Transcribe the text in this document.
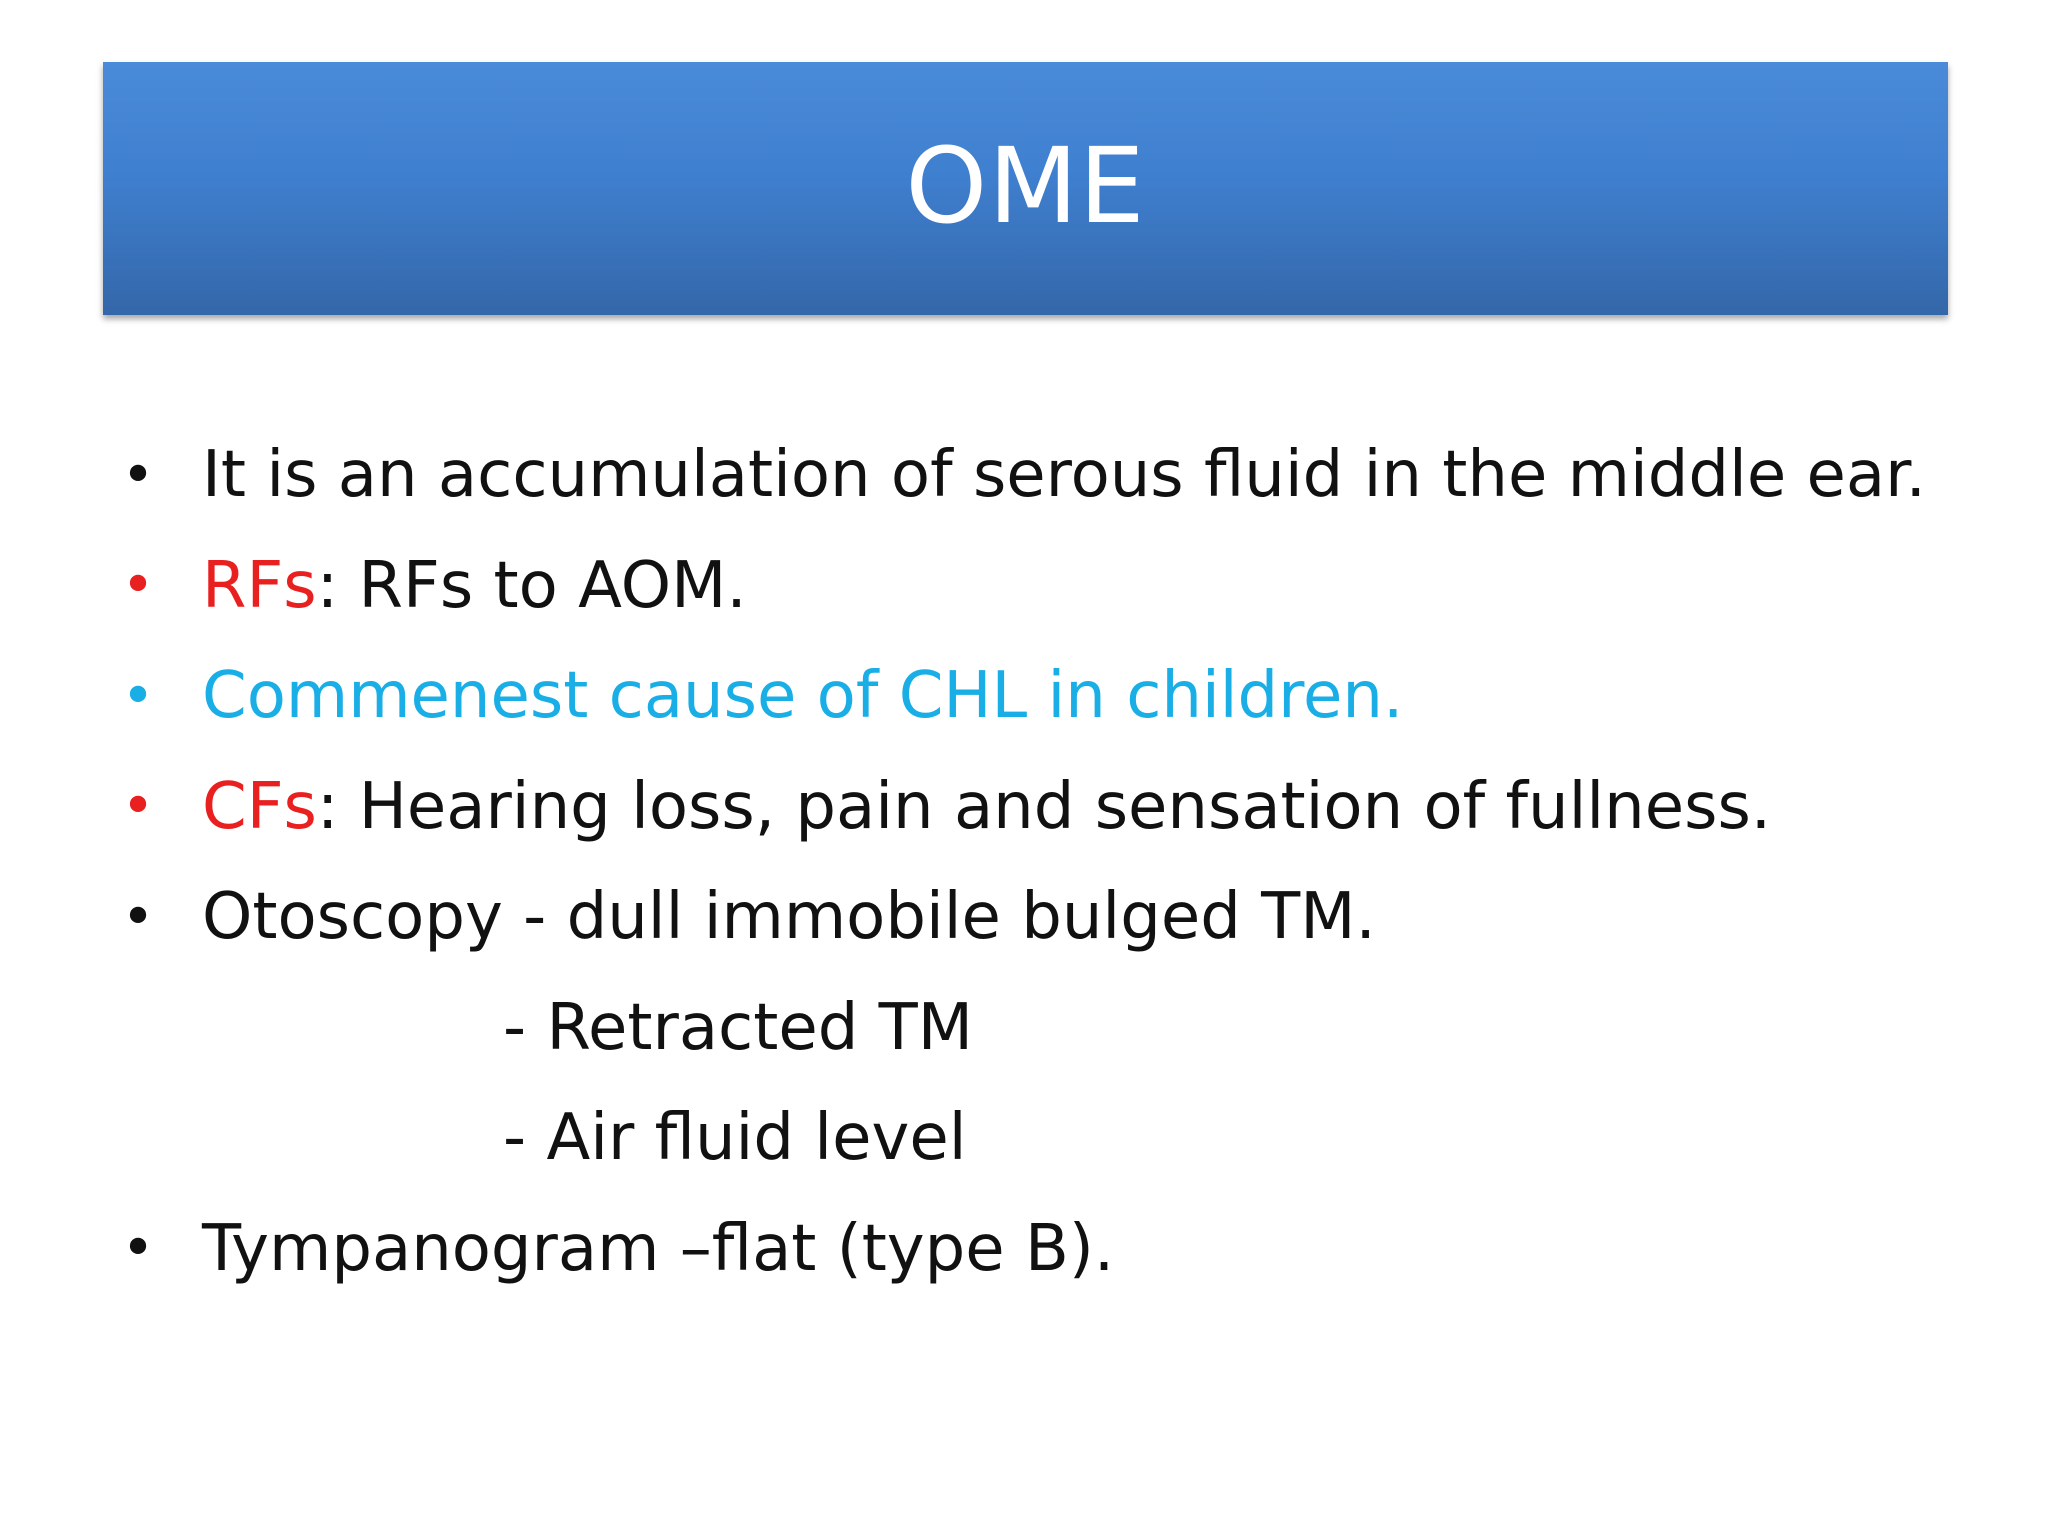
OME
• It is an accumulation of serous fluid in the middle ear.
• RFs: RFs to AOM.
• Commenest cause of CHL in children.
• CFs: Hearing loss, pain and sensation of fullness.
• Otoscopy - dull immobile bulged TM.
- Retracted TM
- Air fluid level
• Tympanogram –flat (type B).
